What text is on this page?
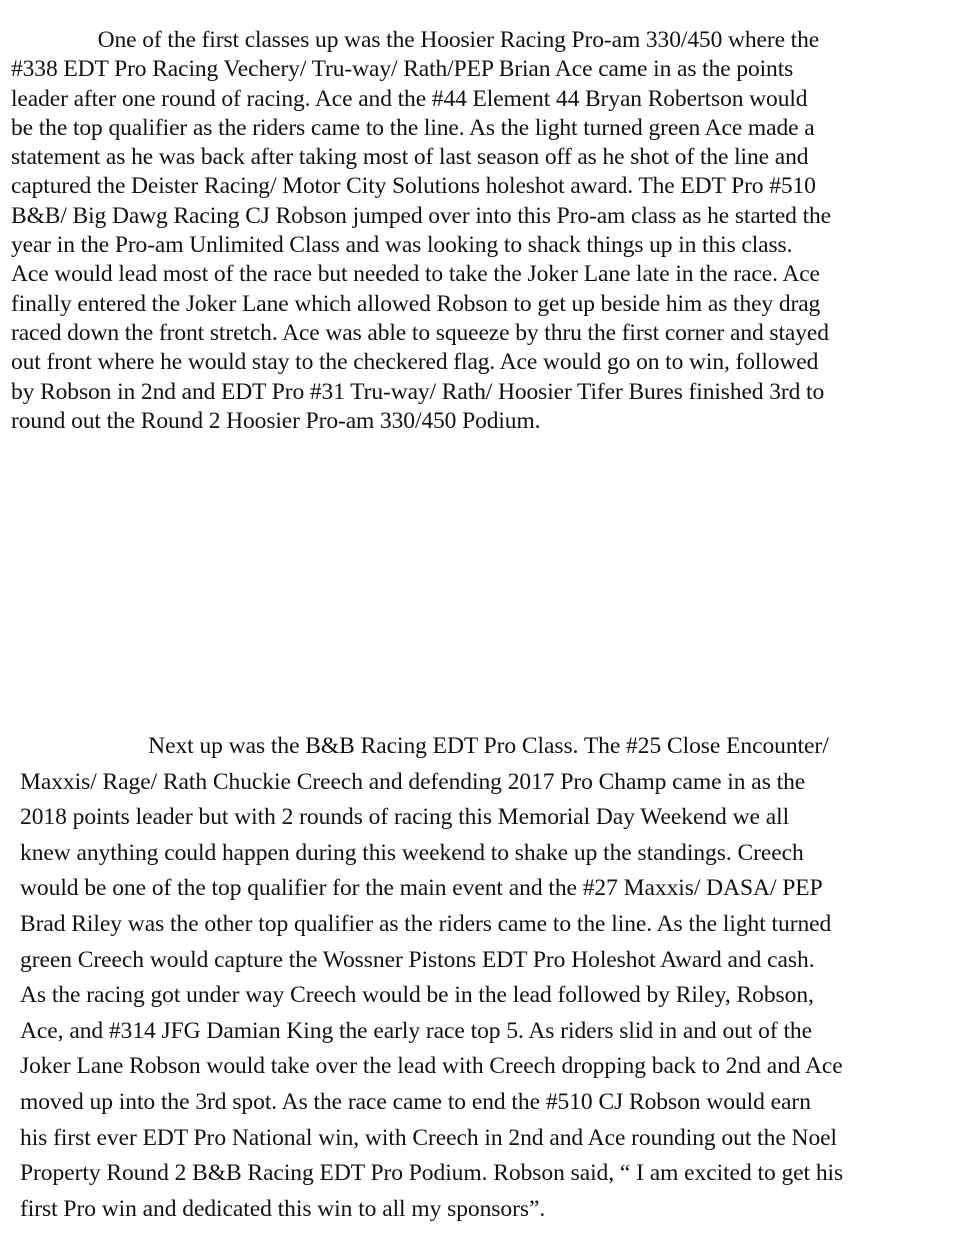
One of the first classes up was the Hoosier Racing Pro-am 330/450 where the
#338 EDT Pro Racing Vechery/ Tru-way/ Rath/PEP Brian Ace came in as the points
leader after one round of racing. Ace and the #44 Element 44 Bryan Robertson would
be the top qualifier as the riders came to the line. As the light turned green Ace made a
statement as he was back after taking most of last season off as he shot of the line and
captured the Deister Racing/ Motor City Solutions holeshot award. The EDT Pro #510
B&B/ Big Dawg Racing CJ Robson jumped over into this Pro-am class as he started the
year in the Pro-am Unlimited Class and was looking to shack things up in this class.
Ace would lead most of the race but needed to take the Joker Lane late in the race. Ace
finally entered the Joker Lane which allowed Robson to get up beside him as they drag
raced down the front stretch. Ace was able to squeeze by thru the first corner and stayed
out front where he would stay to the checkered flag. Ace would go on to win, followed
by Robson in 2nd and EDT Pro #31 Tru-way/ Rath/ Hoosier Tifer Bures finished 3rd to
round out the Round 2 Hoosier Pro-am 330/450 Podium.
Next up was the B&B Racing EDT Pro Class. The #25 Close Encounter/
Maxxis/ Rage/ Rath Chuckie Creech and defending 2017 Pro Champ came in as the
2018 points leader but with 2 rounds of racing this Memorial Day Weekend we all
knew anything could happen during this weekend to shake up the standings. Creech
would be one of the top qualifier for the main event and the #27 Maxxis/ DASA/ PEP
Brad Riley was the other top qualifier as the riders came to the line. As the light turned
green Creech would capture the Wossner Pistons EDT Pro Holeshot Award and cash.
As the racing got under way Creech would be in the lead followed by Riley, Robson,
Ace, and #314 JFG Damian King the early race top 5. As riders slid in and out of the
Joker Lane Robson would take over the lead with Creech dropping back to 2nd and Ace
moved up into the 3rd spot. As the race came to end the #510 CJ Robson would earn
his first ever EDT Pro National win, with Creech in 2nd and Ace rounding out the Noel
Property Round 2 B&B Racing EDT Pro Podium. Robson said, “ I am excited to get his
first Pro win and dedicated this win to all my sponsors”.
